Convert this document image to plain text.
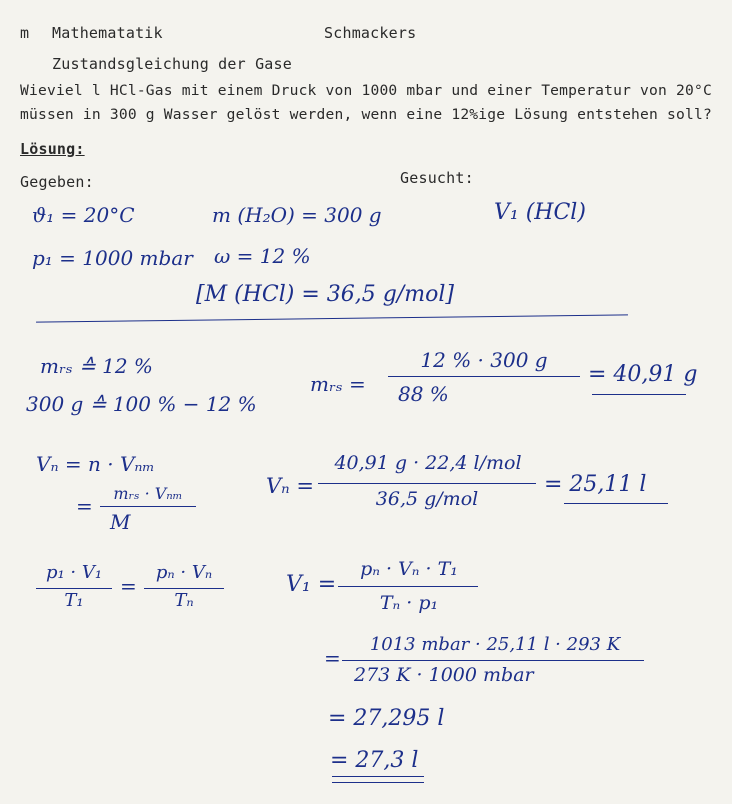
m Mathematatik	Schmackers
Zustandsgleichung der Gase
Wieviel l HCl-Gas mit einem Druck von 1000 mbar und einer Temperatur von 20°C
müssen in 300 g Wasser gelöst werden, wenn eine 12%ige Lösung entstehen soll?
Lösung:
Gegeben:	Gesucht:
ϑ₁ = 20°C	m (H₂O) = 300 g	V₁ (HCl)
p₁ = 1000 mbar ω = 12 %
[M (HCl) = 36,5 g/mol]
mᵣₛ ≙ 12 %
300 g ≙ 100 % − 12 %
mᵣₛ =
12 % · 300 g
88 %
= 40,91 g
Vₙ = n · Vₙₘ
=
mᵣₛ · Vₙₘ
M
Vₙ =
40,91 g · 22,4 l/mol
36,5 g/mol
= 25,11 l
p₁ · V₁
T₁
=
pₙ · Vₙ
Tₙ
V₁ =
pₙ · Vₙ · T₁
Tₙ · p₁
=
1013 mbar · 25,11 l · 293 K
273 K · 1000 mbar
= 27,295 l
= 27,3 l
